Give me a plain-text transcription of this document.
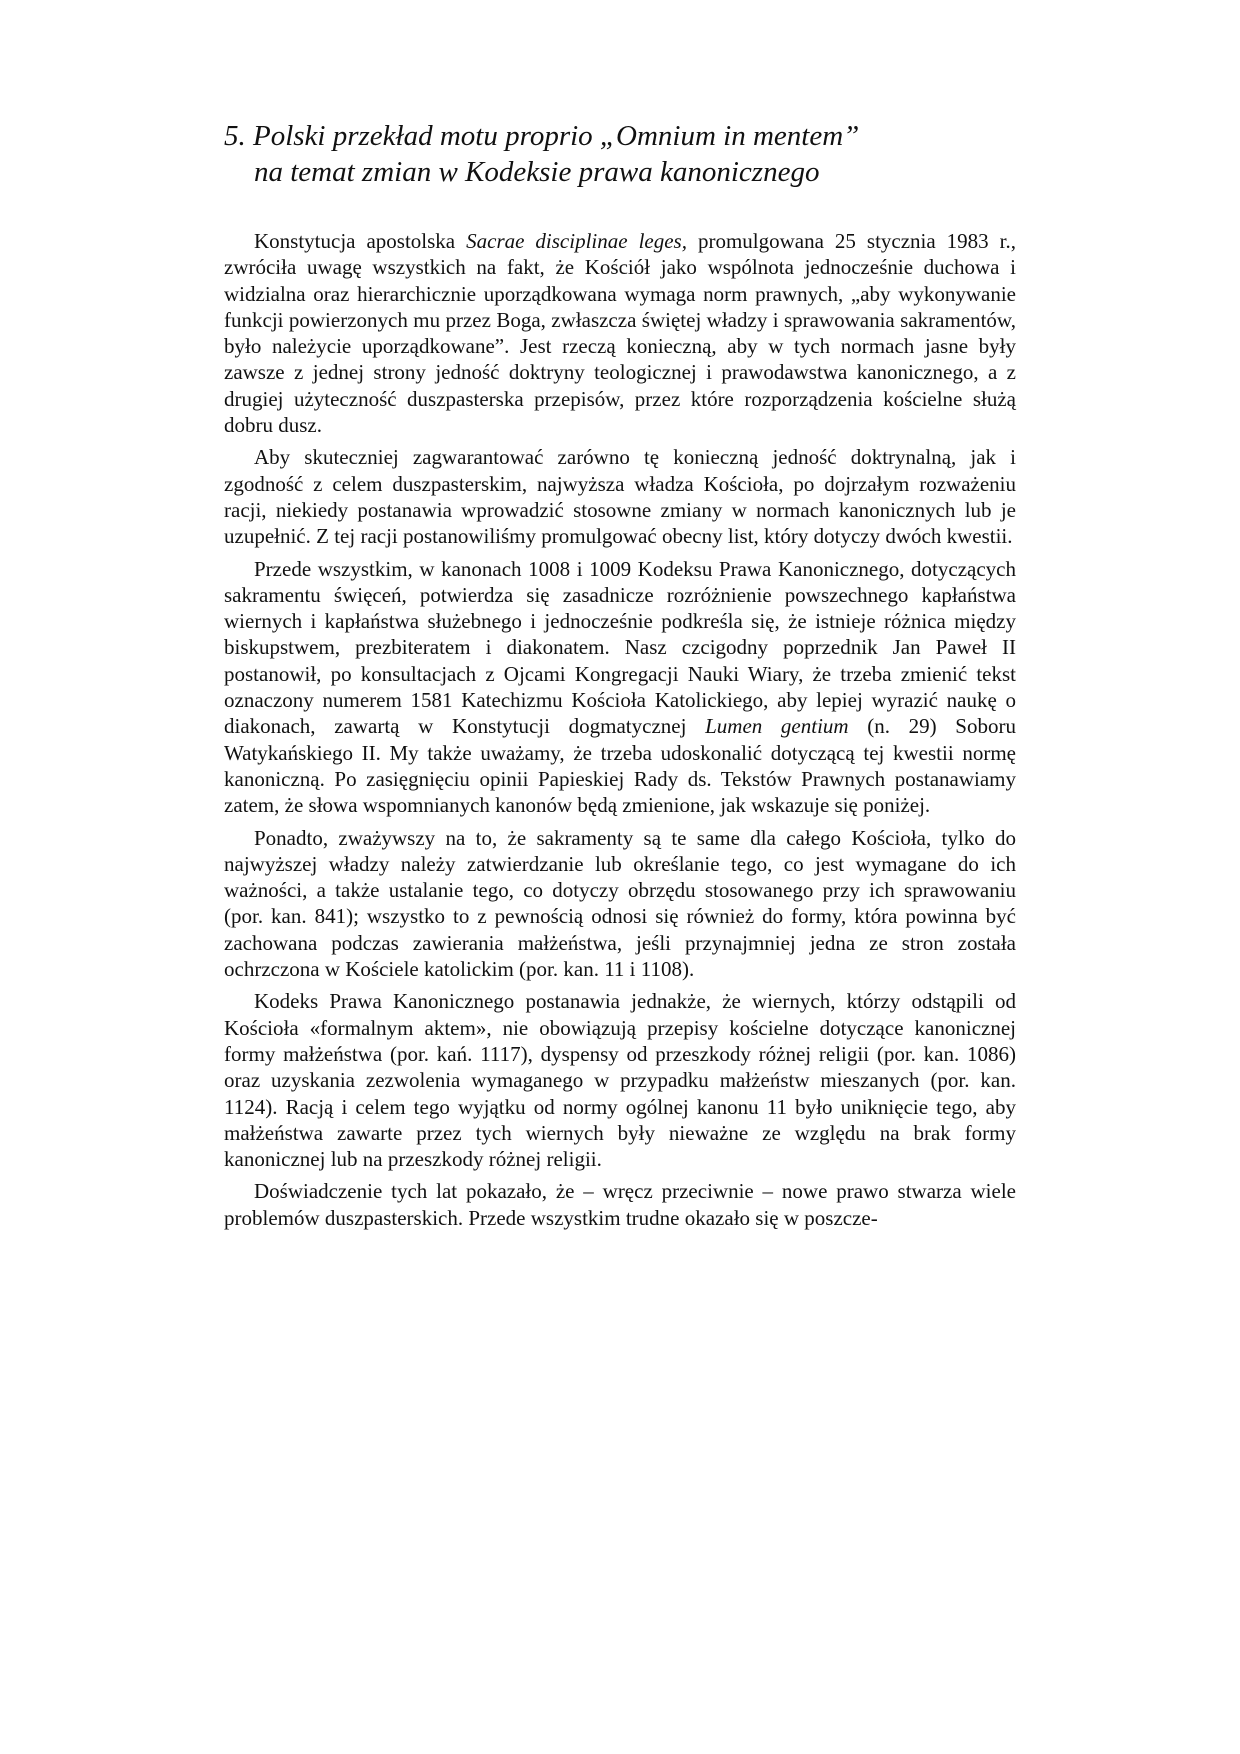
5. Polski przekład motu proprio „Omnium in mentem”
na temat zmian w Kodeksie prawa kanonicznego

Konstytucja apostolska Sacrae disciplinae leges, promulgowana 25 stycznia 1983 r., zwróciła uwagę wszystkich na fakt, że Kościół jako wspólnota jednocześnie duchowa i widzialna oraz hierarchicznie uporządkowana wymaga norm prawnych, „aby wykonywanie funkcji powierzonych mu przez Boga, zwłaszcza świętej władzy i sprawowania sakramentów, było należycie uporządkowane”. Jest rzeczą konieczną, aby w tych normach jasne były zawsze z jednej strony jedność doktryny teologicznej i prawodawstwa kanonicznego, a z drugiej użyteczność duszpasterska przepisów, przez które rozporządzenia kościelne służą dobru dusz.

Aby skuteczniej zagwarantować zarówno tę konieczną jedność doktrynalną, jak i zgodność z celem duszpasterskim, najwyższa władza Kościoła, po dojrzałym rozważeniu racji, niekiedy postanawia wprowadzić stosowne zmiany w normach kanonicznych lub je uzupełnić. Z tej racji postanowiliśmy promulgować obecny list, który dotyczy dwóch kwestii.

Przede wszystkim, w kanonach 1008 i 1009 Kodeksu Prawa Kanonicznego, dotyczących sakramentu święceń, potwierdza się zasadnicze rozróżnienie powszechnego kapłaństwa wiernych i kapłaństwa służebnego i jednocześnie podkreśla się, że istnieje różnica między biskupstwem, prezbiteratem i diakonatem. Nasz czcigodny poprzednik Jan Paweł II postanowił, po konsultacjach z Ojcami Kongregacji Nauki Wiary, że trzeba zmienić tekst oznaczony numerem 1581 Katechizmu Kościoła Katolickiego, aby lepiej wyrazić naukę o diakonach, zawartą w Konstytucji dogmatycznej Lumen gentium (n. 29) Soboru Watykańskiego II. My także uważamy, że trzeba udoskonalić dotyczącą tej kwestii normę kanoniczną. Po zasięgnięciu opinii Papieskiej Rady ds. Tekstów Prawnych postanawiamy zatem, że słowa wspomnianych kanonów będą zmienione, jak wskazuje się poniżej.

Ponadto, zważywszy na to, że sakramenty są te same dla całego Kościoła, tylko do najwyższej władzy należy zatwierdzanie lub określanie tego, co jest wymagane do ich ważności, a także ustalanie tego, co dotyczy obrzędu stosowanego przy ich sprawowaniu (por. kan. 841); wszystko to z pewnością odnosi się również do formy, która powinna być zachowana podczas zawierania małżeństwa, jeśli przynajmniej jedna ze stron została ochrzczona w Kościele katolickim (por. kan. 11 i 1108).

Kodeks Prawa Kanonicznego postanawia jednakże, że wiernych, którzy odstąpili od Kościoła «formalnym aktem», nie obowiązują przepisy kościelne dotyczące kanonicznej formy małżeństwa (por. kań. 1117), dyspensy od przeszkody różnej religii (por. kan. 1086) oraz uzyskania zezwolenia wymaganego w przypadku małżeństw mieszanych (por. kan. 1124). Racją i celem tego wyjątku od normy ogólnej kanonu 11 było uniknięcie tego, aby małżeństwa zawarte przez tych wiernych były nieważne ze względu na brak formy kanonicznej lub na przeszkody różnej religii.

Doświadczenie tych lat pokazało, że – wręcz przeciwnie – nowe prawo stwarza wiele problemów duszpasterskich. Przede wszystkim trudne okazało się w poszcze-
